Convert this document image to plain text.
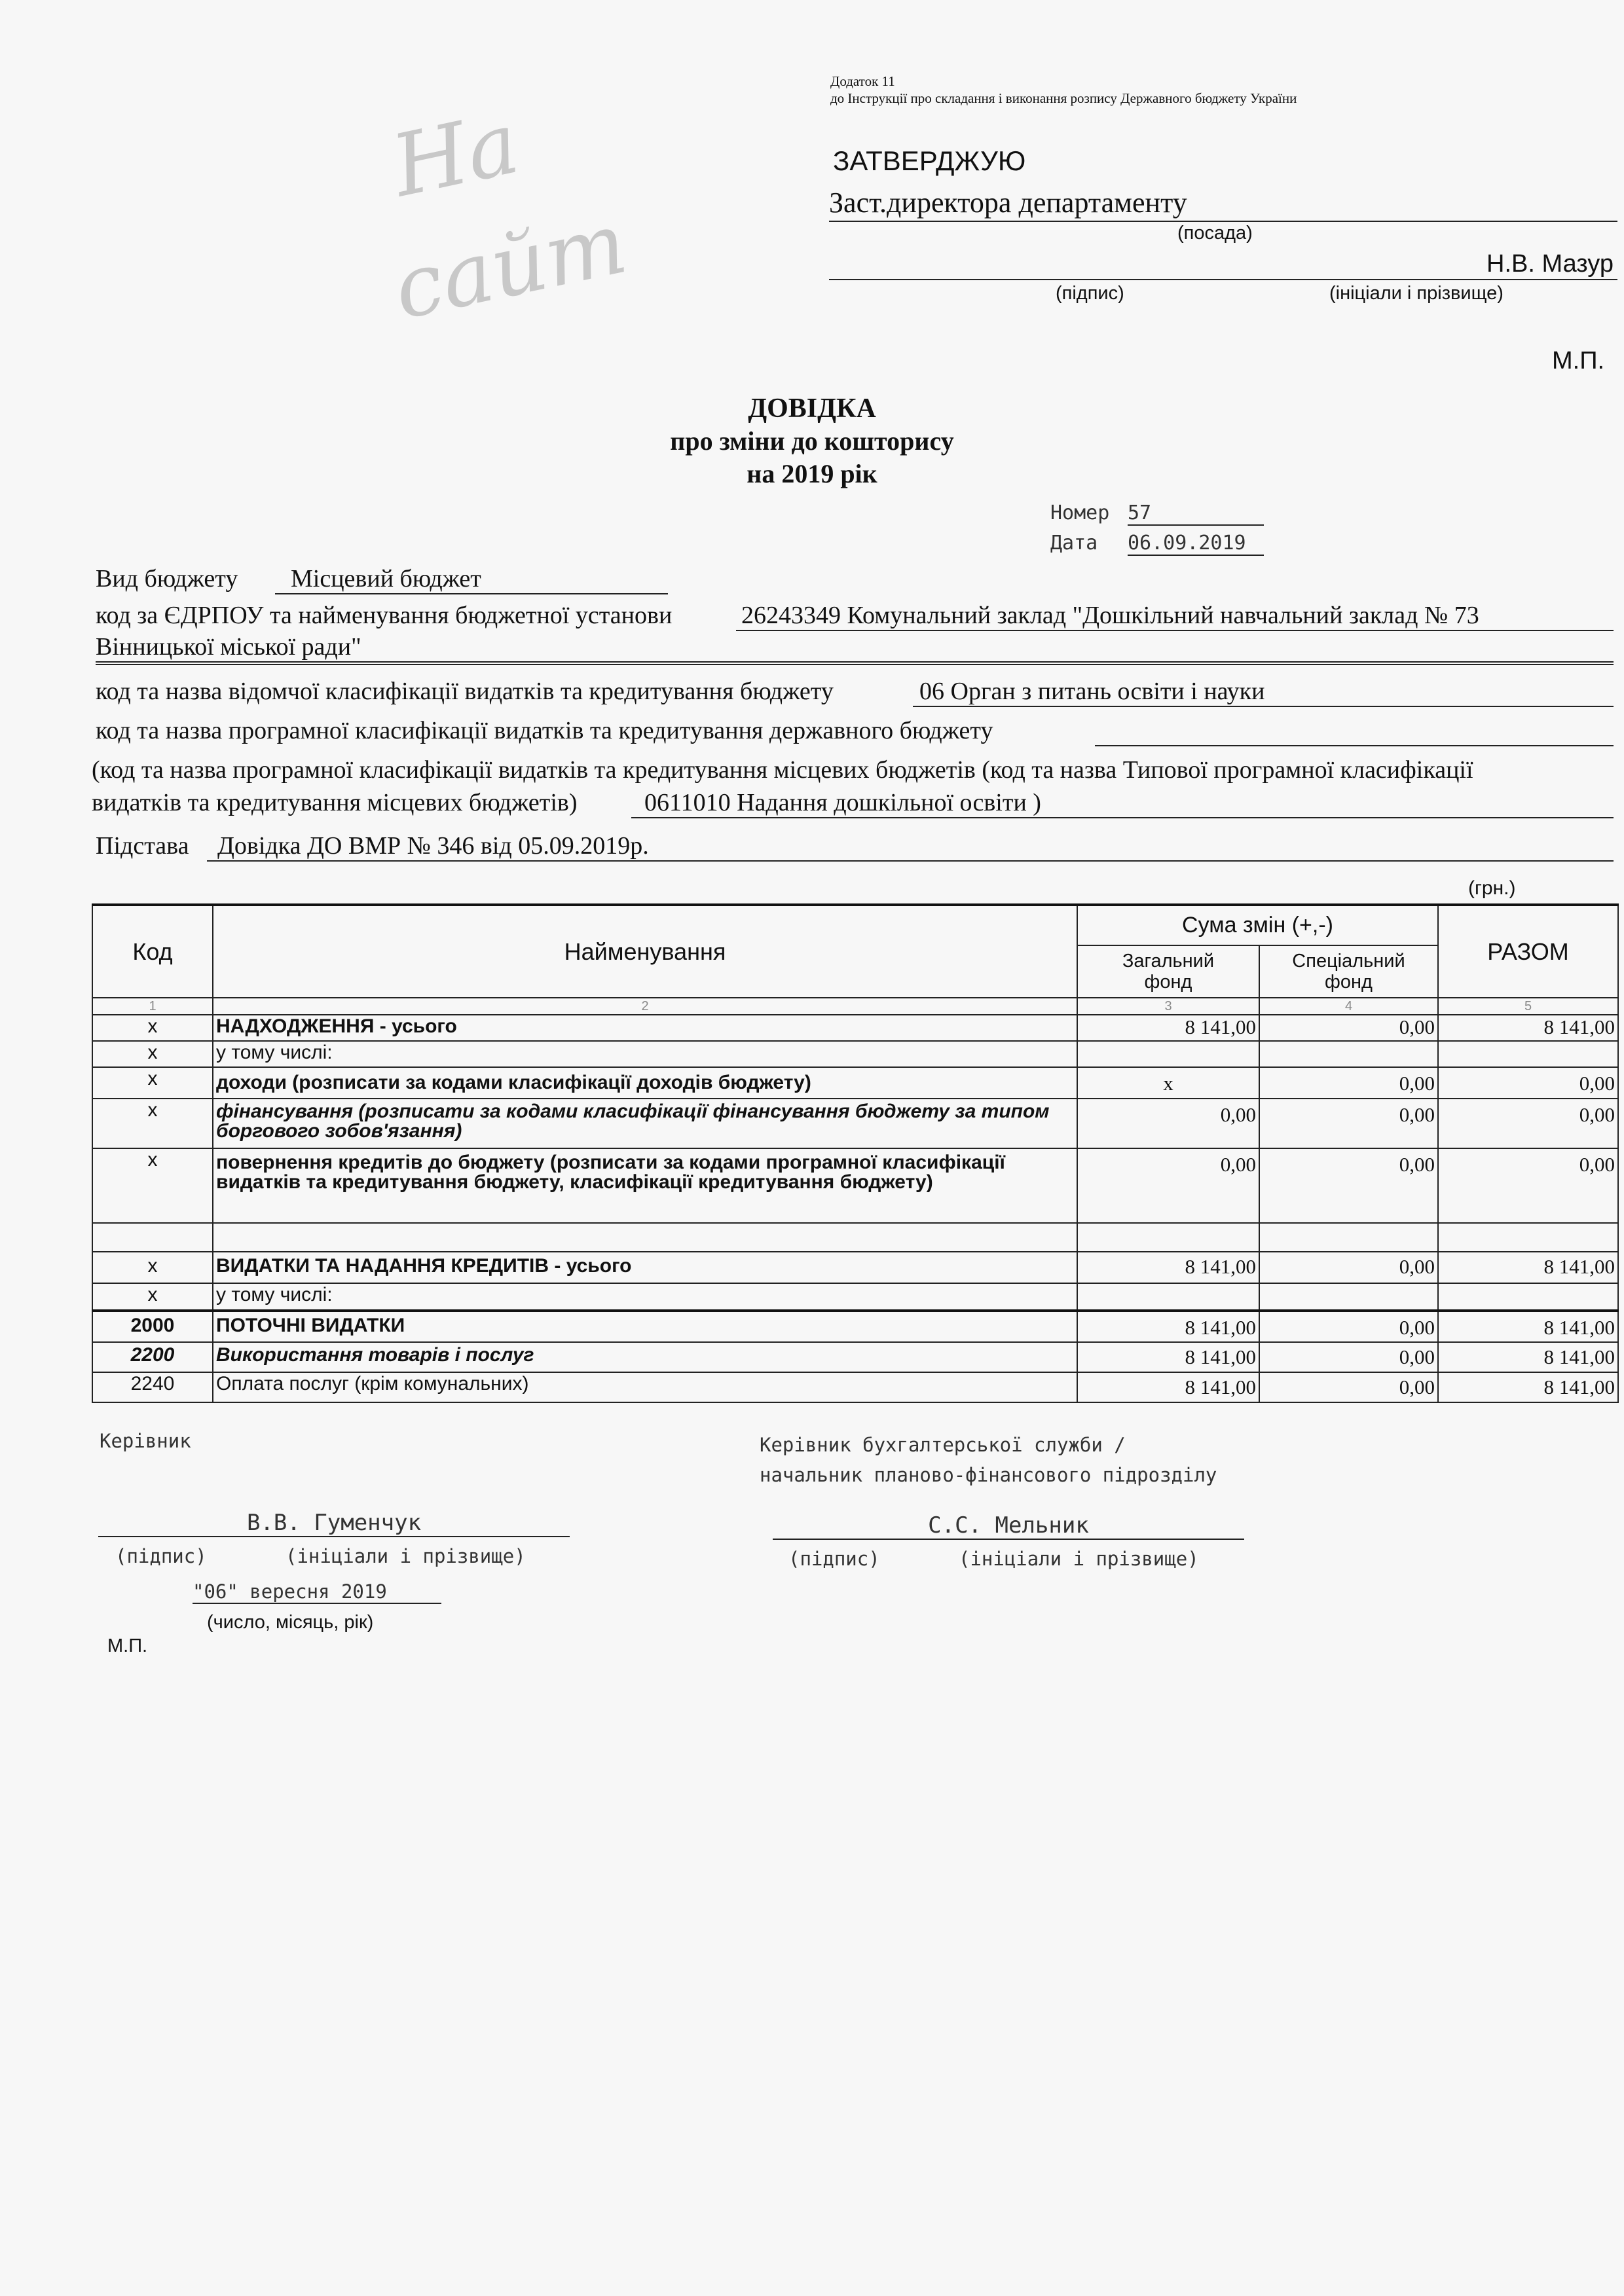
На
сайт
Додаток 11
до Інструкції про складання і виконання розпису Державного бюджету України
ЗАТВЕРДЖУЮ
Заст.директора департаменту
(посада)
Н.В. Мазур
(підпис)	(ініціали і прізвище)
М.П.
ДОВІДКА
про зміни до кошторису
на 2019 рік
Номер 57
Дата 06.09.2019
Вид бюджету	Місцевий бюджет
код за ЄДРПОУ та найменування бюджетної установи	26243349 Комунальний заклад "Дошкільний навчальний заклад № 73
Вінницької міської ради"
код та назва відомчої класифікації видатків та кредитування бюджету	06 Орган з питань освіти і науки
код та назва програмної класифікації видатків та кредитування державного бюджету
(код та назва програмної класифікації видатків та кредитування місцевих бюджетів (код та назва Типової програмної класифікації
видатків та кредитування місцевих бюджетів)	0611010 Надання дошкільної освіти )
Підстава	Довідка ДО ВМР № 346 від 05.09.2019р.
(грн.)
Код	Найменування	Сума змін (+,-)		РАЗОМ
		Загальний фонд	Спеціальний фонд	
1	2	3	4	5
х	НАДХОДЖЕННЯ - усього	8 141,00	0,00	8 141,00
х	у тому числі:			
х	доходи (розписати за кодами класифікації доходів бюджету)	х	0,00	0,00
х	фінансування (розписати за кодами класифікації фінансування бюджету за типом боргового зобов'язання)	0,00	0,00	0,00
х	повернення кредитів до бюджету (розписати за кодами програмної класифікації видатків та кредитування бюджету, класифікації кредитування бюджету)	0,00	0,00	0,00

х	ВИДАТКИ ТА НАДАННЯ КРЕДИТІВ - усього	8 141,00	0,00	8 141,00
х	у тому числі:			
2000	ПОТОЧНІ ВИДАТКИ	8 141,00	0,00	8 141,00
2200	Використання товарів і послуг	8 141,00	0,00	8 141,00
2240	Оплата послуг (крім комунальних)	8 141,00	0,00	8 141,00
Керівник
В.В. Гуменчук
(підпис)	(ініціали і прізвище)
"06" вересня 2019
(число, місяць, рік)
М.П.
Керівник бухгалтерської служби /
начальник планово-фінансового підрозділу
С.С. Мельник
(підпис)	(ініціали і прізвище)
